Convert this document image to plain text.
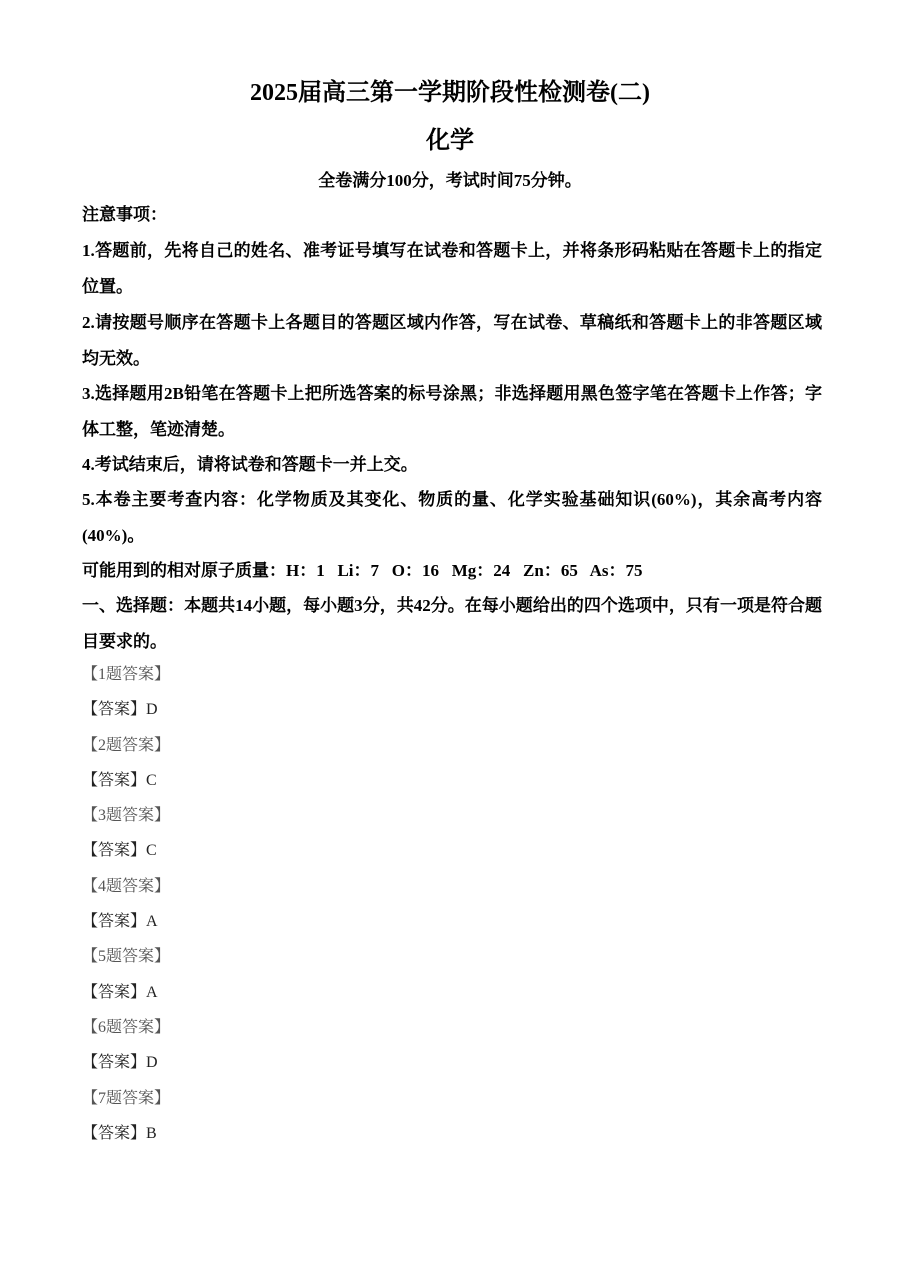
2025届高三第一学期阶段性检测卷(二)
化学
全卷满分100分，考试时间75分钟。
注意事项：
1.答题前，先将自己的姓名、准考证号填写在试卷和答题卡上，并将条形码粘贴在答题卡上的指定位置。
2.请按题号顺序在答题卡上各题目的答题区域内作答，写在试卷、草稿纸和答题卡上的非答题区域均无效。
3.选择题用2B铅笔在答题卡上把所选答案的标号涂黑；非选择题用黑色签字笔在答题卡上作答；字体工整，笔迹清楚。
4.考试结束后，请将试卷和答题卡一并上交。
5.本卷主要考查内容：化学物质及其变化、物质的量、化学实验基础知识(60%)，其余高考内容(40%)。
可能用到的相对原子质量：H：1   Li：7   O：16   Mg：24   Zn：65   As：75
一、选择题：本题共14小题，每小题3分，共42分。在每小题给出的四个选项中，只有一项是符合题目要求的。
【1题答案】
【答案】D
【2题答案】
【答案】C
【3题答案】
【答案】C
【4题答案】
【答案】A
【5题答案】
【答案】A
【6题答案】
【答案】D
【7题答案】
【答案】B
